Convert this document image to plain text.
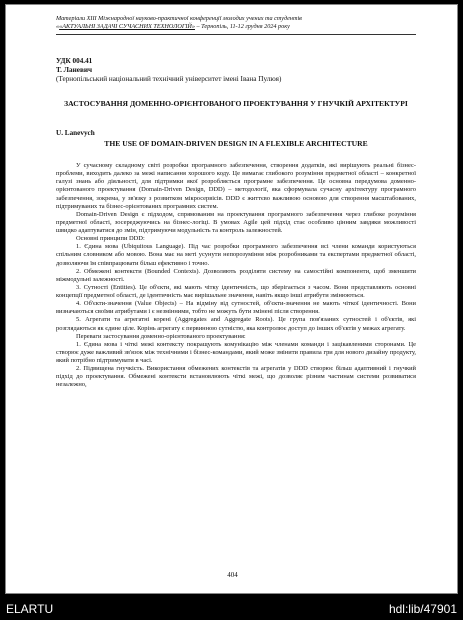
Матеріали XIII Міжнародної науково-практичної конференції молодих учених та студентів
««АКТУАЛЬНІ ЗАДАЧІ СУЧАСНИХ ТЕХНОЛОГІЙ» – Тернопіль, 11-12 грудня 2024 року
УДК 004.41
Т. Ланевич
(Тернопільський національний технічний університет імені Івана Пулюя)
ЗАСТОСУВАННЯ ДОМЕННО-ОРІЄНТОВАНОГО ПРОЕКТУВАННЯ У ГНУЧКІЙ АРХІТЕКТУРІ
U. Lanevych
THE USE OF DOMAIN-DRIVEN DESIGN IN A FLEXIBLE ARCHITECTURE

У сучасному складному світі розробки програмного забезпечення, створення додатків, які вирішують реальні бізнес-проблеми, виходить далеко за межі написання хорошого коду. Це вимагає глибокого розуміння предметної області – конкретної галузі знань або діяльності, для підтримки якої розробляється програмне забезпечення. Це основна передумова доменно-орієнтованого проектування (Domain-Driven Design, DDD) – методології, яка сформувала сучасну архітектуру програмного забезпечення, зокрема, у зв'язку з розвитком мікросервісів. DDD є життєво важливою основою для створення масштабованих, підтримуваних та бізнес-орієнтованих програмних систем.

Domain-Driven Design є підходом, спрямованим на проектування програмного забезпечення через глибоке розуміння предметної області, зосереджуючись на бізнес-логіці. В умовах Agile цей підхід стає особливо цінним завдяки можливості швидко адаптуватися до змін, підтримуючи модульність та контроль залежностей.

Основні принципи DDD:

1. Єдина мова (Ubiquitous Language). Під час розробки програмного забезпечення всі члени команди користуються спільним словником або мовою. Вона має на меті усунути непорозуміння між розробниками та експертами предметної області, дозволяючи їм співпрацювати більш ефективно і точно.

2. Обмежені контексти (Bounded Contexts). Дозволяють розділяти систему на самостійні компоненти, щоб зменшити міжмодульні залежності.

3. Сутності (Entities). Це об'єкти, які мають чітку ідентичність, що зберігається з часом. Вони представляють основні концепції предметної області, де ідентичність має вирішальне значення, навіть якщо інші атрибути змінюються.

4. Об'єкти-значення (Value Objects) – На відміну від сутностей, об'єкти-значення не мають чіткої ідентичності. Вони визначаються своїми атрибутами і є незмінними, тобто не можуть бути змінені після створення.

5. Агрегати та агрегатні корені (Aggregates and Aggregate Roots). Це група пов'язаних сутностей і об'єктів, які розглядаються як єдине ціле. Корінь агрегату є первинною сутністю, яка контролює доступ до інших об'єктів у межах агрегату.

Переваги застосування доменно-орієнтованого проектування:

1. Єдина мова і чіткі межі контексту покращують комунікацію між членами команди і зацікавленими сторонами. Це створює дуже важливий зв'язок між технічними і бізнес-командами, який може змінити правила гри для нового дизайну продукту, який потрібно підтримувати в часі.

2. Підвищена гнучкість. Використання обмежених контекстів та агрегатів у DDD створює більш адаптивний і гнучкий підхід до проектування. Обмежені контексти встановлюють чіткі межі, що дозволяє різним частинам системи розвиватися незалежно,

404
ELARTU	hdl:lib/47901
